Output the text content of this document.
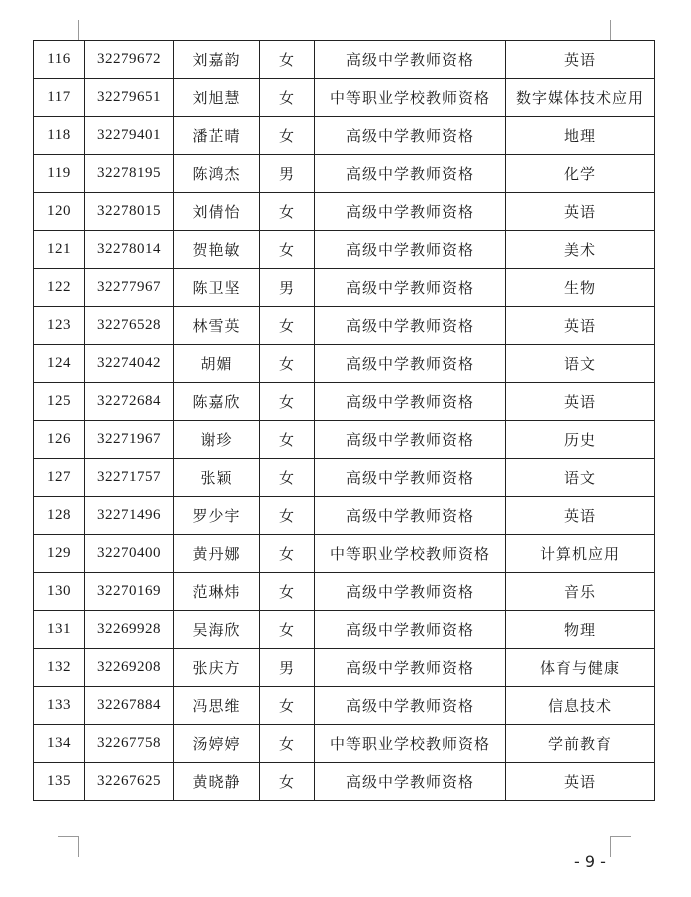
116	32279672	刘嘉韵	女	高级中学教师资格	英语
117	32279651	刘旭慧	女	中等职业学校教师资格	数字媒体技术应用
118	32279401	潘芷晴	女	高级中学教师资格	地理
119	32278195	陈鸿杰	男	高级中学教师资格	化学
120	32278015	刘倩怡	女	高级中学教师资格	英语
121	32278014	贺艳敏	女	高级中学教师资格	美术
122	32277967	陈卫坚	男	高级中学教师资格	生物
123	32276528	林雪英	女	高级中学教师资格	英语
124	32274042	胡媚	女	高级中学教师资格	语文
125	32272684	陈嘉欣	女	高级中学教师资格	英语
126	32271967	谢珍	女	高级中学教师资格	历史
127	32271757	张颖	女	高级中学教师资格	语文
128	32271496	罗少宇	女	高级中学教师资格	英语
129	32270400	黄丹娜	女	中等职业学校教师资格	计算机应用
130	32270169	范琳炜	女	高级中学教师资格	音乐
131	32269928	吴海欣	女	高级中学教师资格	物理
132	32269208	张庆方	男	高级中学教师资格	体育与健康
133	32267884	冯思维	女	高级中学教师资格	信息技术
134	32267758	汤婷婷	女	中等职业学校教师资格	学前教育
135	32267625	黄晓静	女	高级中学教师资格	英语
- 9 -
